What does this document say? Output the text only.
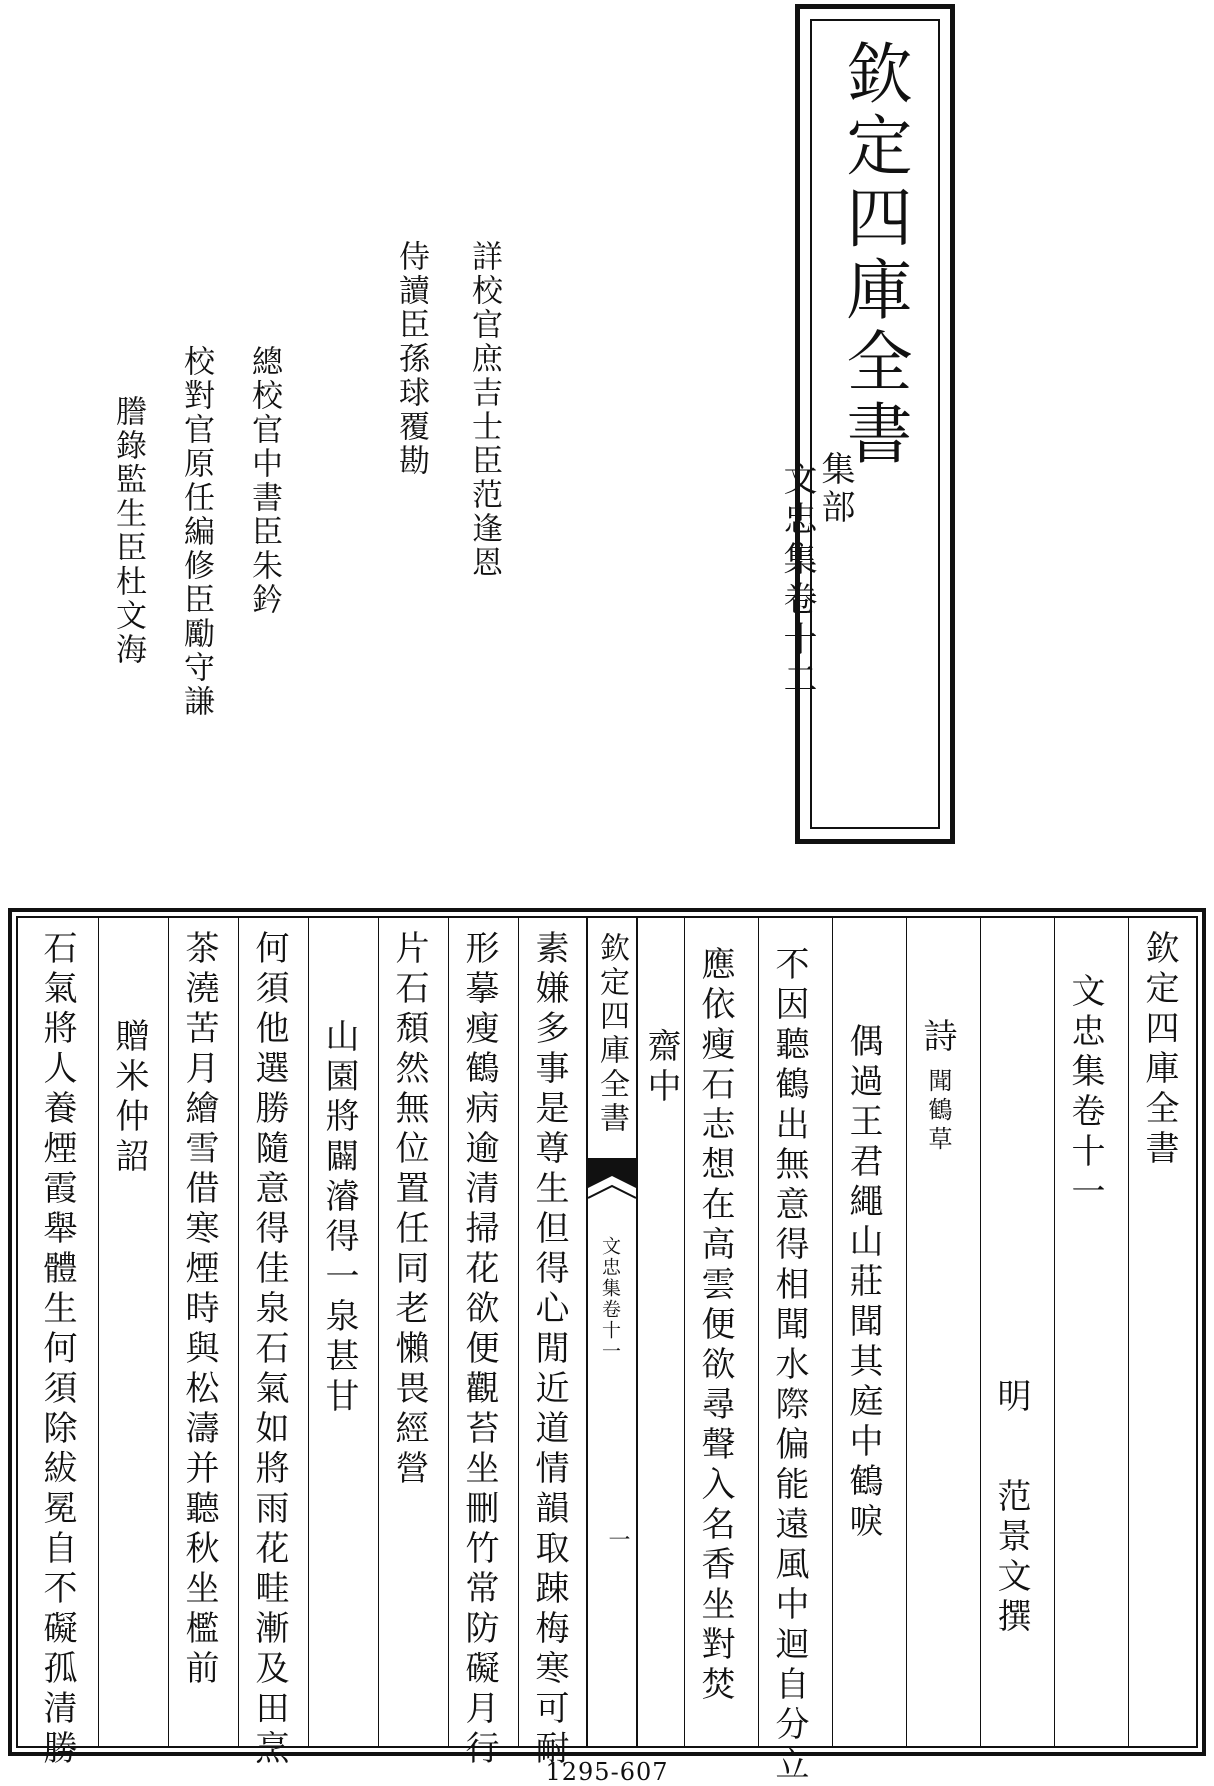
欽定四庫全書
集部
文忠集卷十二
詳校官庶吉士臣范逢恩
侍讀臣孫球覆勘
總校官中書臣朱鈐
校對官原任編修臣勵守謙
謄錄監生臣杜文海
欽定四庫全書
文忠集卷十一
明
范景文撰
詩
聞鶴草
偶過王君繩山莊聞其庭中鶴唳
不因聽鶴出無意得相聞水際偏能遠風中迴自分立
應依瘦石志想在高雲便欲尋聲入名香坐對焚
齋中
欽定四庫全書
文忠集卷十一
一
素嫌多事是尊生但得心閒近道情韻取踈梅寒可耐
形摹瘦鶴病逾清掃花欲便觀苔坐刪竹常防礙月行
片石頹然無位置任同老懶畏經營
山園將闢濬得一泉甚甘
何須他選勝隨意得佳泉石氣如將雨花畦漸及田烹
茶澆苦月繪雪借寒煙時與松濤并聽秋坐檻前
贈米仲詔
石氣將人養煙霞舉體生何須除紱冕自不礙孤清勝
1295-607
